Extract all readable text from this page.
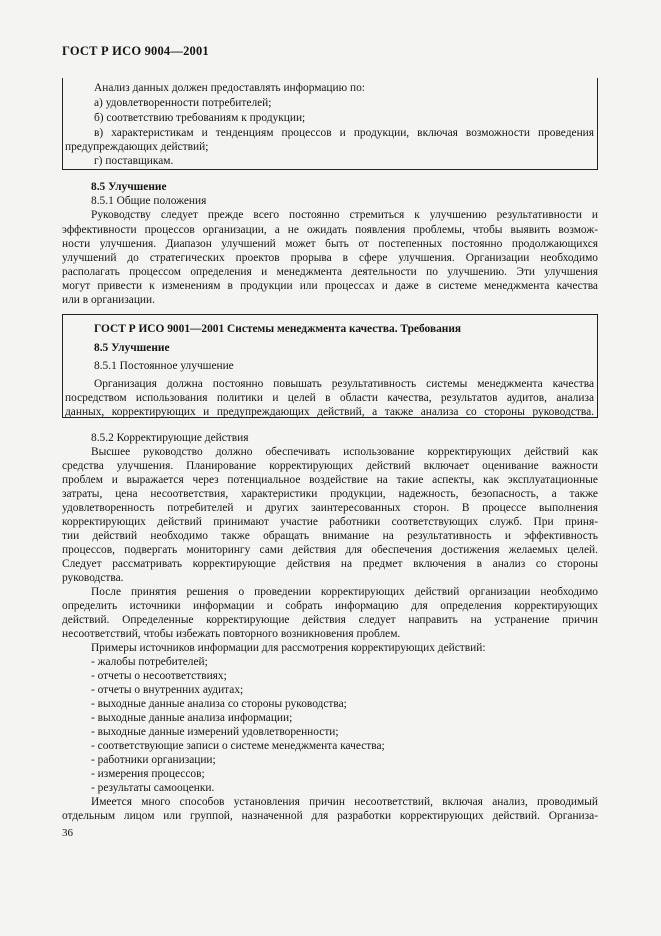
ГОСТ Р ИСО 9004—2001
Анализ данных должен предоставлять информацию по:
а) удовлетворенности потребителей;
б) соответствию требованиям к продукции;
в) характеристикам и тенденциям процессов и продукции, включая возможности проведения
предупреждающих действий;
г) поставщикам.
8.5 Улучшение
8.5.1 Общие положения
Руководству следует прежде всего постоянно стремиться к улучшению результативности и
эффективности процессов организации, а не ожидать появления проблемы, чтобы выявить возмож-
ности улучшения. Диапазон улучшений может быть от постепенных постоянно продолжающихся
улучшений до стратегических проектов прорыва в сфере улучшения. Организации необходимо
располагать процессом определения и менеджмента деятельности по улучшению. Эти улучшения
могут привести к изменениям в продукции или процессах и даже в системе менеджмента качества
или в организации.
ГОСТ Р ИСО 9001—2001 Системы менеджмента качества. Требования
8.5 Улучшение
8.5.1 Постоянное улучшение
Организация должна постоянно повышать результативность системы менеджмента качества
посредством использования политики и целей в области качества, результатов аудитов, анализа
данных, корректирующих и предупреждающих действий, а также анализа со стороны руководства.
8.5.2 Корректирующие действия
Высшее руководство должно обеспечивать использование корректирующих действий как
средства улучшения. Планирование корректирующих действий включает оценивание важности
проблем и выражается через потенциальное воздействие на такие аспекты, как эксплуатационные
затраты, цена несоответствия, характеристики продукции, надежность, безопасность, а также
удовлетворенность потребителей и других заинтересованных сторон. В процессе выполнения
корректирующих действий принимают участие работники соответствующих служб. При приня-
тии действий необходимо также обращать внимание на результативность и эффективность
процессов, подвергать мониторингу сами действия для обеспечения достижения желаемых целей.
Следует рассматривать корректирующие действия на предмет включения в анализ со стороны
руководства.
После принятия решения о проведении корректирующих действий организации необходимо
определить источники информации и собрать информацию для определения корректирующих
действий. Определенные корректирующие действия следует направить на устранение причин
несоответствий, чтобы избежать повторного возникновения проблем.
Примеры источников информации для рассмотрения корректирующих действий:
- жалобы потребителей;
- отчеты о несоответствиях;
- отчеты о внутренних аудитах;
- выходные данные анализа со стороны руководства;
- выходные данные анализа информации;
- выходные данные измерений удовлетворенности;
- соответствующие записи о системе менеджмента качества;
- работники организации;
- измерения процессов;
- результаты самооценки.
Имеется много способов установления причин несоответствий, включая анализ, проводимый
отдельным лицом или группой, назначенной для разработки корректирующих действий. Организа-
36
